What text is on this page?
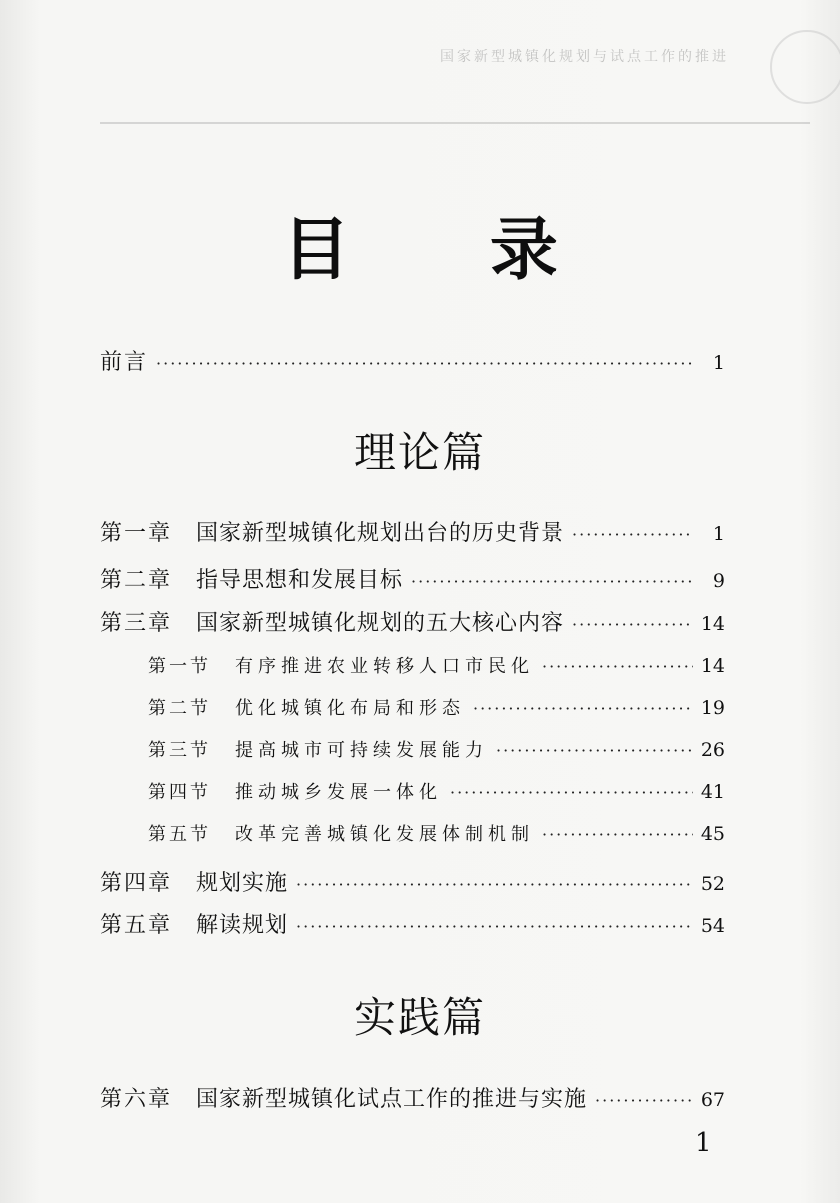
国家新型城镇化规划与试点工作的推进
目 录
前言 ·····	1
理论篇
第一章 国家新型城镇化规划出台的历史背景 ·····	1
第二章 指导思想和发展目标 ·····	9
第三章 国家新型城镇化规划的五大核心内容 ·····	14
第一节 有序推进农业转移人口市民化 ·····	14
第二节 优化城镇化布局和形态 ·····	19
第三节 提高城市可持续发展能力 ·····	26
第四节 推动城乡发展一体化 ·····	41
第五节 改革完善城镇化发展体制机制 ·····	45
第四章 规划实施 ·····	52
第五章 解读规划 ·····	54
实践篇
第六章 国家新型城镇化试点工作的推进与实施 ·····	67
1
